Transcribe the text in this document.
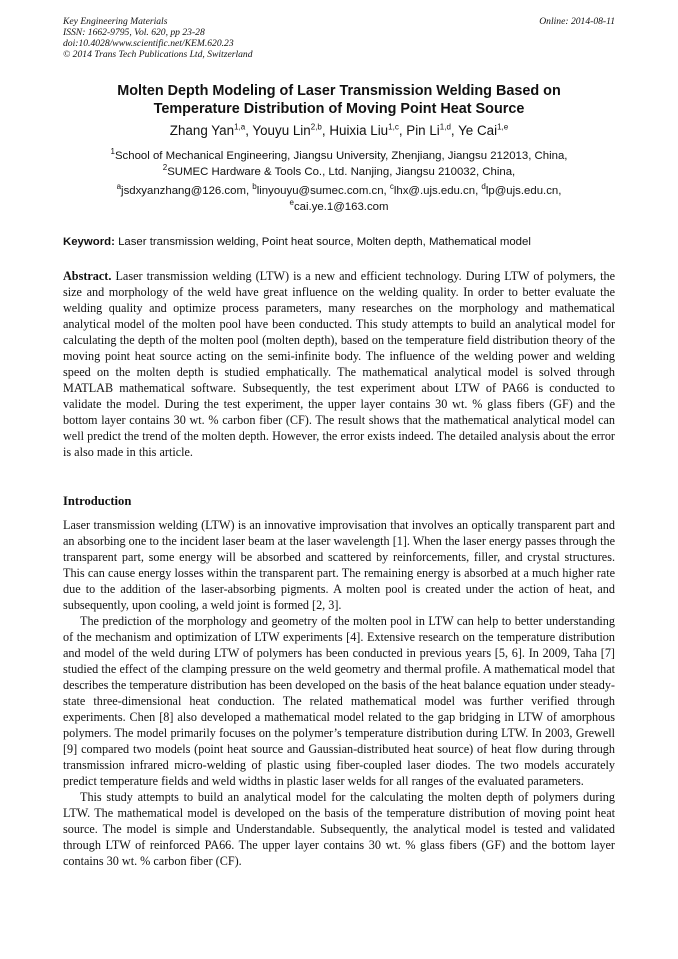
Key Engineering Materials
ISSN: 1662-9795, Vol. 620, pp 23-28
doi:10.4028/www.scientific.net/KEM.620.23
© 2014 Trans Tech Publications Ltd, Switzerland
Online: 2014-08-11
Molten Depth Modeling of Laser Transmission Welding Based on
Temperature Distribution of Moving Point Heat Source
Zhang Yan$^{1,a}$, Youyu Lin$^{2,b}$, Huixia Liu$^{1,c}$, Pin Li$^{1,d}$, Ye Cai$^{1,e}$
$^1$School of Mechanical Engineering, Jiangsu University, Zhenjiang, Jiangsu 212013, China,
$^2$SUMEC Hardware & Tools Co., Ltd. Nanjing, Jiangsu 210032, China,
$^a$jsdxyanzhang@126.com, $^b$linyouyu@sumec.com.cn, $^c$lhx@.ujs.edu.cn, $^d$lp@ujs.edu.cn,
$^e$cai.ye.1@163.com
Keyword: Laser transmission welding, Point heat source, Molten depth, Mathematical model

Abstract. Laser transmission welding (LTW) is a new and efficient technology. During LTW of polymers, the size and morphology of the weld have great influence on the welding quality. In order to better evaluate the welding quality and optimize process parameters, many researches on the morphology and mathematical analytical model of the molten pool have been conducted. This study attempts to build an analytical model for calculating the depth of the molten pool (molten depth), based on the temperature field distribution theory of the moving point heat source acting on the semi-infinite body. The influence of the welding power and welding speed on the molten depth is studied emphatically. The mathematical analytical model is solved through MATLAB mathematical software. Subsequently, the test experiment about LTW of PA66 is conducted to validate the model. During the test experiment, the upper layer contains 30 wt. % glass fibers (GF) and the bottom layer contains 30 wt. % carbon fiber (CF). The result shows that the mathematical analytical model can well predict the trend of the molten depth. However, the error exists indeed. The detailed analysis about the error is also made in this article.

Introduction

Laser transmission welding (LTW) is an innovative improvisation that involves an optically transparent part and an absorbing one to the incident laser beam at the laser wavelength [1]. When the laser energy passes through the transparent part, some energy will be absorbed and scattered by reinforcements, filler, and crystal structures. This can cause energy losses within the transparent part. The remaining energy is absorbed at a much higher rate due to the addition of the laser-absorbing pigments. A molten pool is created under the action of heat, and subsequently, upon cooling, a weld joint is formed [2, 3].

The prediction of the morphology and geometry of the molten pool in LTW can help to better understanding of the mechanism and optimization of LTW experiments [4]. Extensive research on the temperature distribution and model of the weld during LTW of polymers has been conducted in previous years [5, 6]. In 2009, Taha [7] studied the effect of the clamping pressure on the weld geometry and thermal profile. A mathematical model that describes the temperature distribution has been developed on the basis of the heat balance equation under steady-state three-dimensional heat conduction. The related mathematical model was further verified through experiments. Chen [8] also developed a mathematical model related to the gap bridging in LTW of amorphous polymers. The model primarily focuses on the polymer’s temperature distribution during LTW. In 2003, Grewell [9] compared two models (point heat source and Gaussian-distributed heat source) of heat flow during through transmission infrared micro-welding of plastic using fiber-coupled laser diodes. The two models accurately predict temperature fields and weld widths in plastic laser welds for all ranges of the evaluated parameters.

This study attempts to build an analytical model for the calculating the molten depth of polymers during LTW. The mathematical model is developed on the basis of the temperature distribution of moving point heat source. The model is simple and Understandable. Subsequently, the analytical model is tested and validated through LTW of reinforced PA66. The upper layer contains 30 wt. % glass fibers (GF) and the bottom layer contains 30 wt. % carbon fiber (CF).
